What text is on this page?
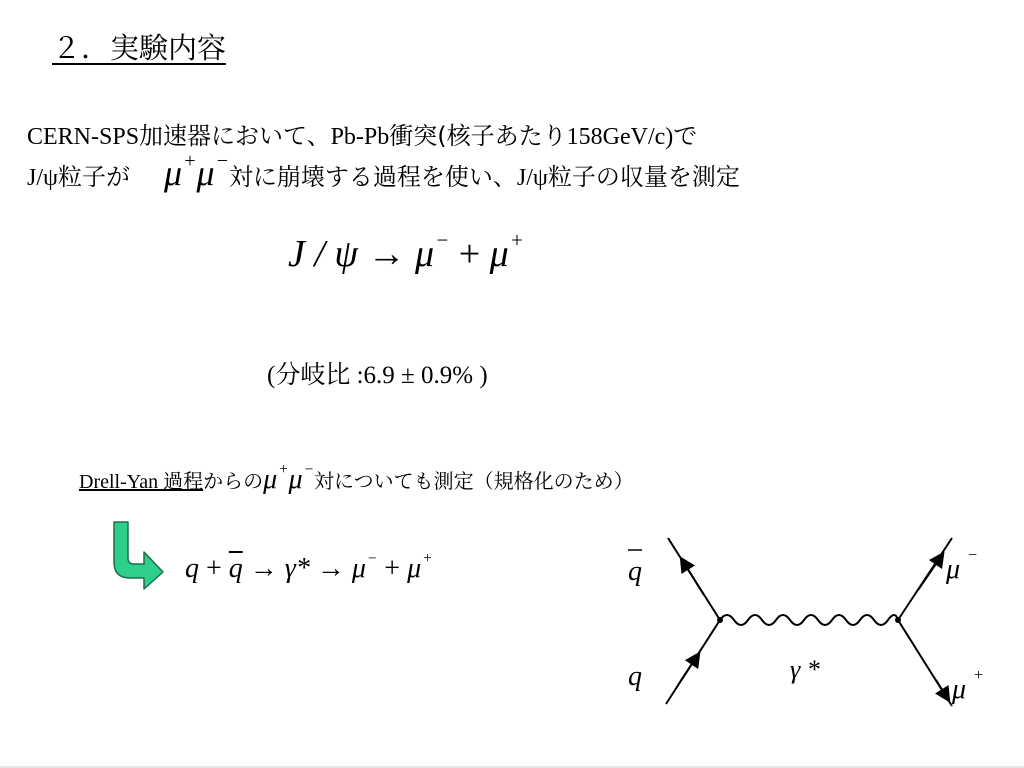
２．実験内容
CERN-SPS加速器において、Pb-Pb衝突(核子あたり158GeV/c)で
J/ψ粒子が μ+μ−対に崩壊する過程を使い、J/ψ粒子の収量を測定
J / ψ → μ− + μ+
(分岐比 :6.9 ± 0.9% )
Drell-Yan 過程からのμ+μ−対についても測定（規格化のため）
$q + \overline{q} \to \gamma* \to \mu^- + \mu^+$	q
q	γ *
μ −
μ +
